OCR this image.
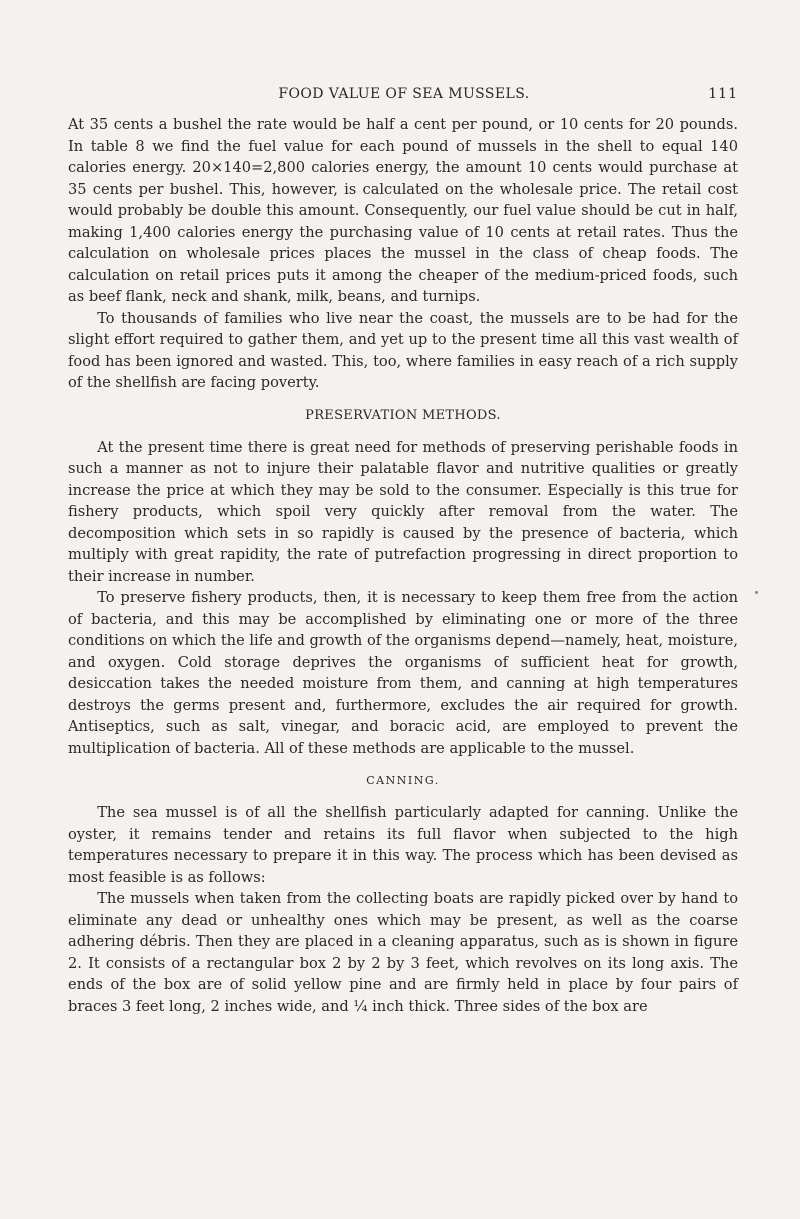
FOOD VALUE OF SEA MUSSELS.	111

At 35 cents a bushel the rate would be half a cent per pound, or 10 cents for 20 pounds. In table 8 we find the fuel value for each pound of mussels in the shell to equal 140 calories energy. 20×140=2,800 calories energy, the amount 10 cents would purchase at 35 cents per bushel. This, however, is calculated on the wholesale price. The retail cost would probably be double this amount. Consequently, our fuel value should be cut in half, making 1,400 calories energy the purchasing value of 10 cents at retail rates. Thus the calculation on wholesale prices places the mussel in the class of cheap foods. The calculation on retail prices puts it among the cheaper of the medium-priced foods, such as beef flank, neck and shank, milk, beans, and turnips.

To thousands of families who live near the coast, the mussels are to be had for the slight effort required to gather them, and yet up to the present time all this vast wealth of food has been ignored and wasted. This, too, where families in easy reach of a rich supply of the shellfish are facing poverty.

PRESERVATION METHODS.

At the present time there is great need for methods of preserving perishable foods in such a manner as not to injure their palatable flavor and nutritive qualities or greatly increase the price at which they may be sold to the consumer. Especially is this true for fishery products, which spoil very quickly after removal from the water. The decomposition which sets in so rapidly is caused by the presence of bacteria, which multiply with great rapidity, the rate of putrefaction progressing in direct proportion to their increase in number.

To preserve fishery products, then, it is necessary to keep them free from the action of bacteria, and this may be accomplished by eliminating one or more of the three conditions on which the life and growth of the organisms depend—namely, heat, moisture, and oxygen. Cold storage deprives the organisms of sufficient heat for growth, desiccation takes the needed moisture from them, and canning at high temperatures destroys the germs present and, furthermore, excludes the air required for growth. Antiseptics, such as salt, vinegar, and boracic acid, are employed to prevent the multiplication of bacteria. All of these methods are applicable to the mussel.

CANNING.

The sea mussel is of all the shellfish particularly adapted for canning. Unlike the oyster, it remains tender and retains its full flavor when subjected to the high temperatures necessary to prepare it in this way. The process which has been devised as most feasible is as follows:

The mussels when taken from the collecting boats are rapidly picked over by hand to eliminate any dead or unhealthy ones which may be present, as well as the coarse adhering débris. Then they are placed in a cleaning apparatus, such as is shown in figure 2. It consists of a rectangular box 2 by 2 by 3 feet, which revolves on its long axis. The ends of the box are of solid yellow pine and are firmly held in place by four pairs of braces 3 feet long, 2 inches wide, and ¼ inch thick. Three sides of the box are
